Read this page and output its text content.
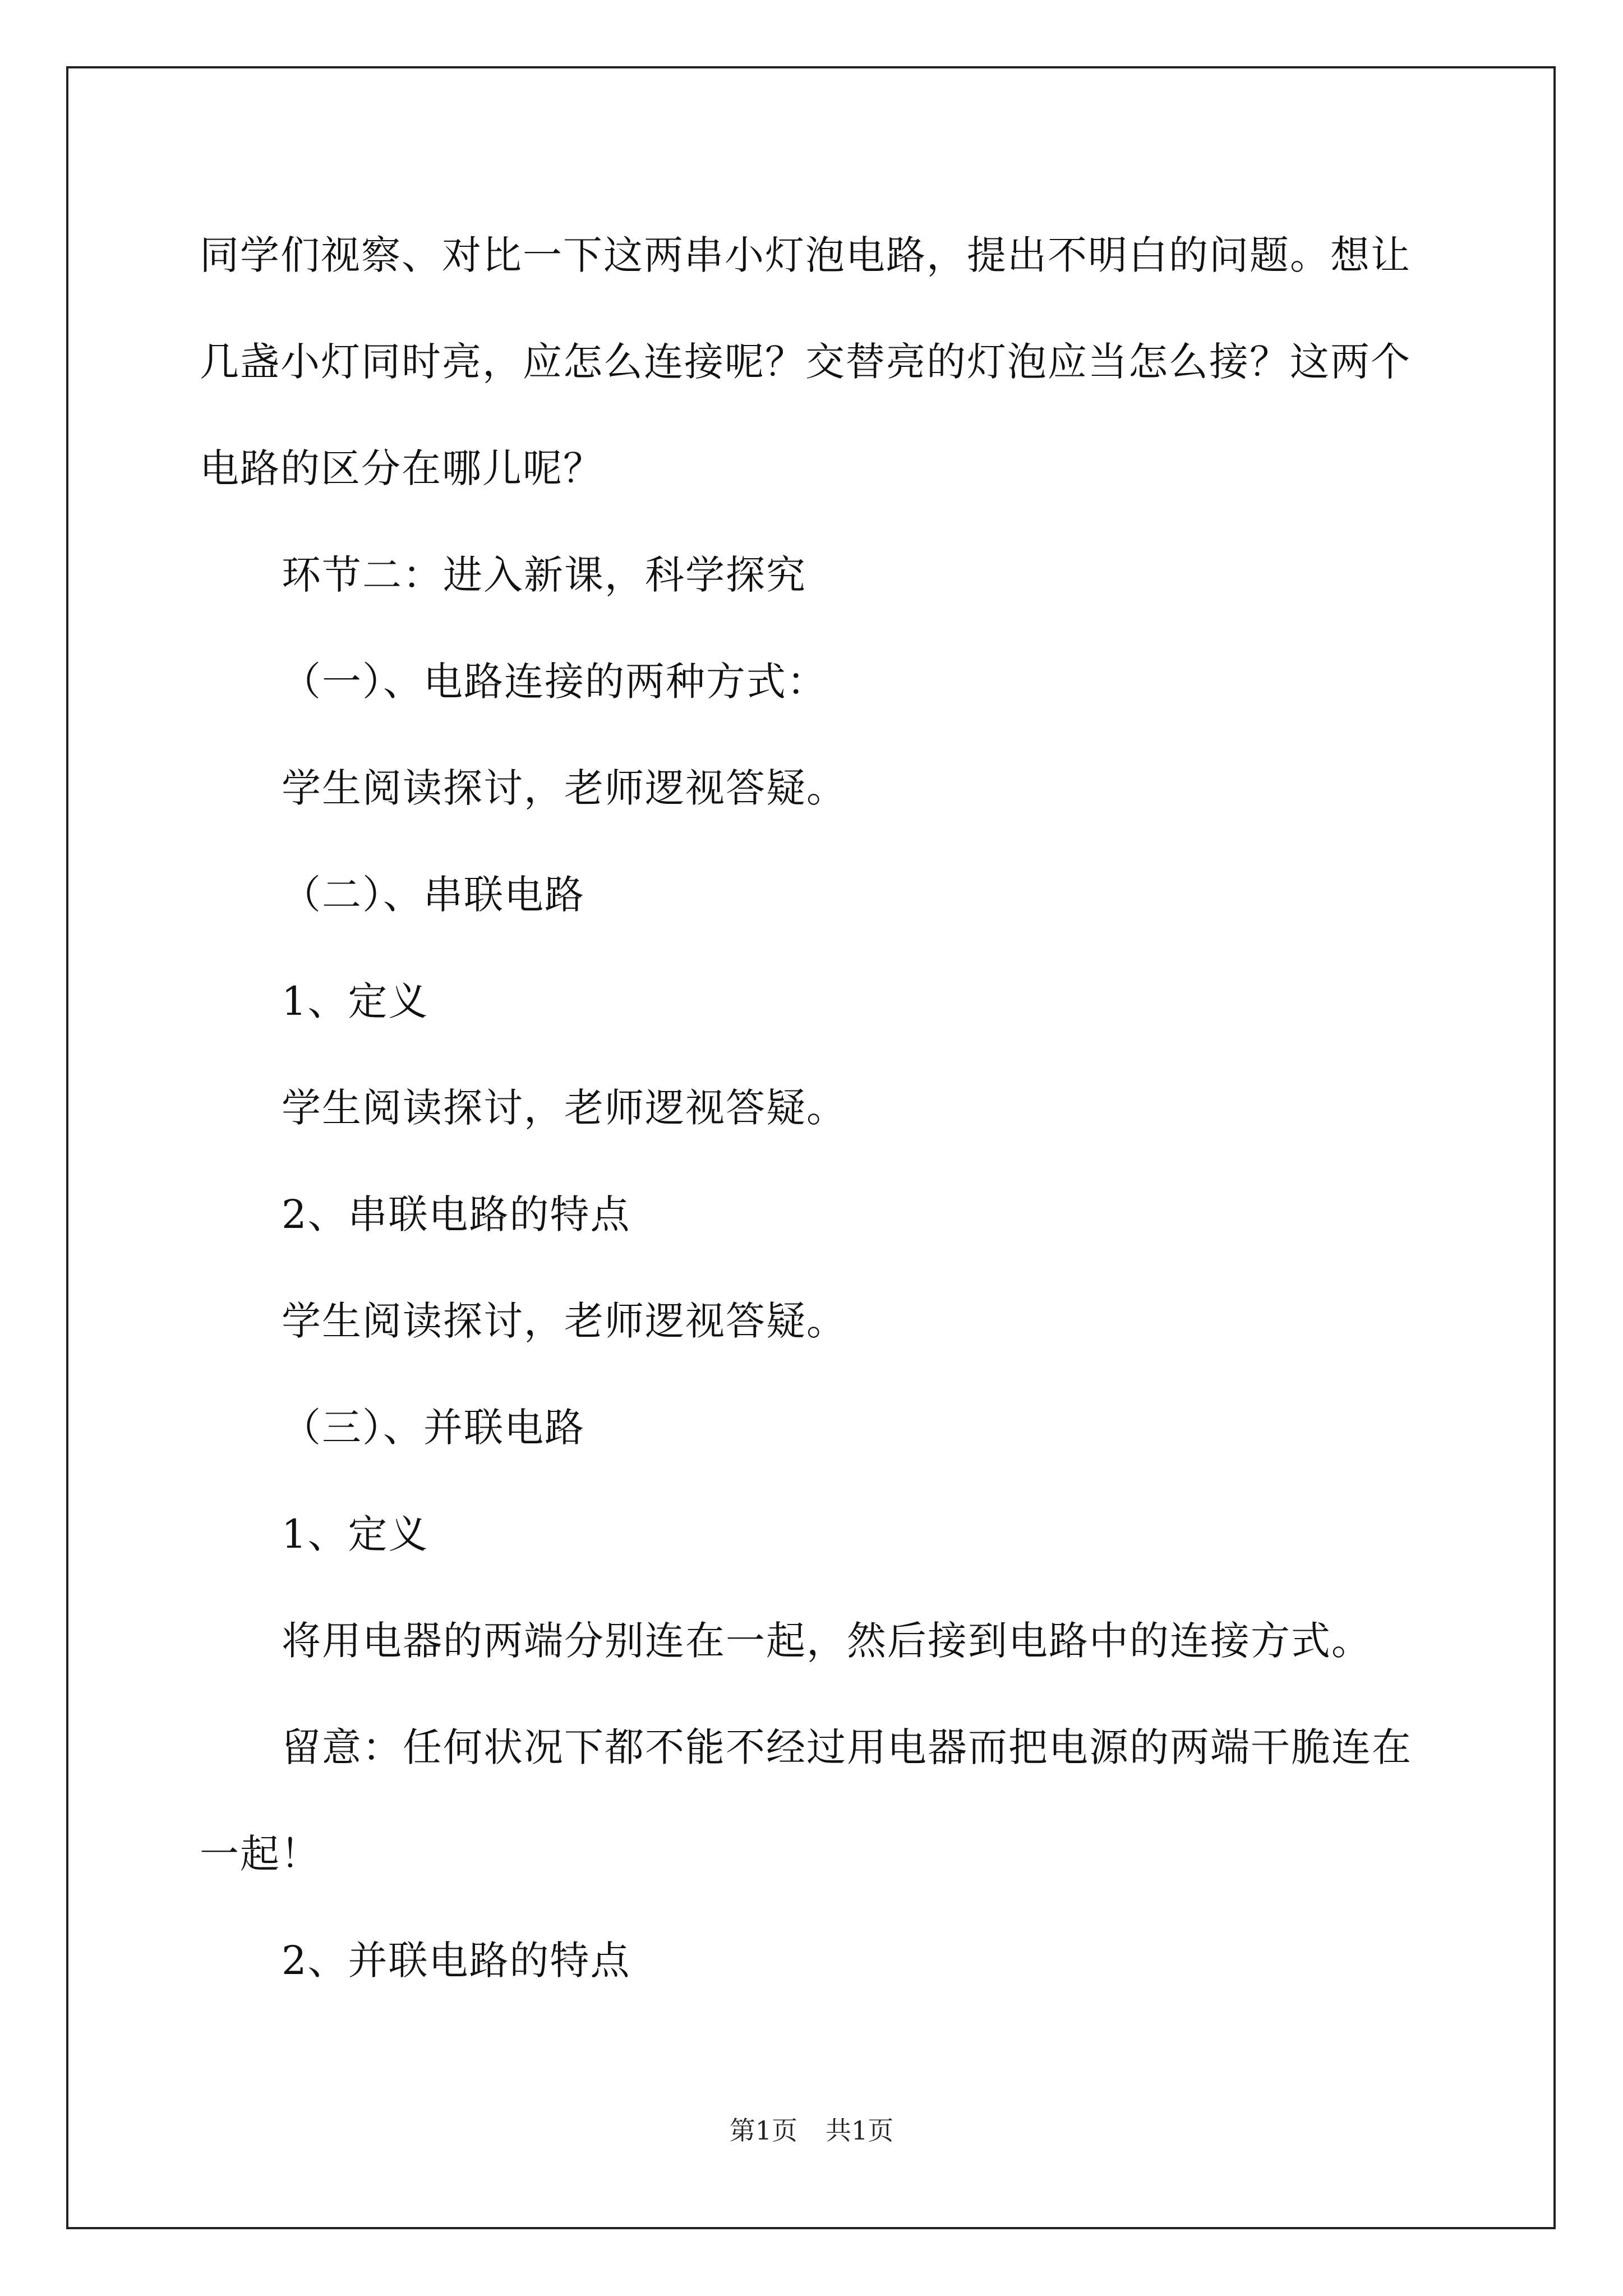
同学们视察、对比一下这两串小灯泡电路，提出不明白的问题。想让
几盏小灯同时亮，应怎么连接呢？交替亮的灯泡应当怎么接？这两个
电路的区分在哪儿呢？
环节二：进入新课，科学探究
（一）、电路连接的两种方式：
学生阅读探讨，老师逻视答疑。
（二）、串联电路
1、定义
学生阅读探讨，老师逻视答疑。
2、串联电路的特点
学生阅读探讨，老师逻视答疑。
（三）、并联电路
1、定义
将用电器的两端分别连在一起，然后接到电路中的连接方式。
留意：任何状况下都不能不经过用电器而把电源的两端干脆连在
一起！
2、并联电路的特点
第1页 共1页
